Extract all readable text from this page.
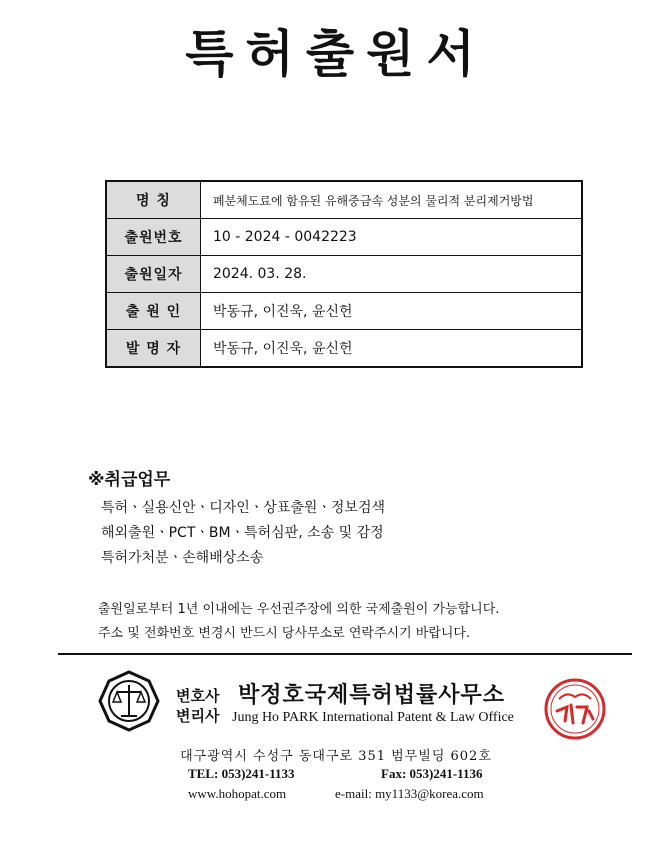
특허출원서
명 칭	폐분체도료에 함유된 유해중금속 성분의 물리적 분리제거방법
출원번호	10 - 2024 - 0042223
출원일자	2024. 03. 28.
출 원 인	박동규, 이진욱, 윤신헌
발 명 자	박동규, 이진욱, 윤신헌
※취급업무
특허ㆍ실용신안ㆍ디자인ㆍ상표출원ㆍ정보검색
해외출원ㆍPCTㆍBMㆍ특허심판, 소송 및 감정
특허가처분ㆍ손해배상소송
출원일로부터 1년 이내에는 우선권주장에 의한 국제출원이 가능합니다.
주소 및 전화번호 변경시 반드시 당사무소로 연락주시기 바랍니다.
변호사
변리사
박정호국제특허법률사무소
Jung Ho PARK International Patent & Law Office
대구광역시 수성구 동대구로 351 범무빌딩 602호
TEL: 053)241-1133	Fax: 053)241-1136
www.hohopat.com	e-mail: my1133@korea.com
